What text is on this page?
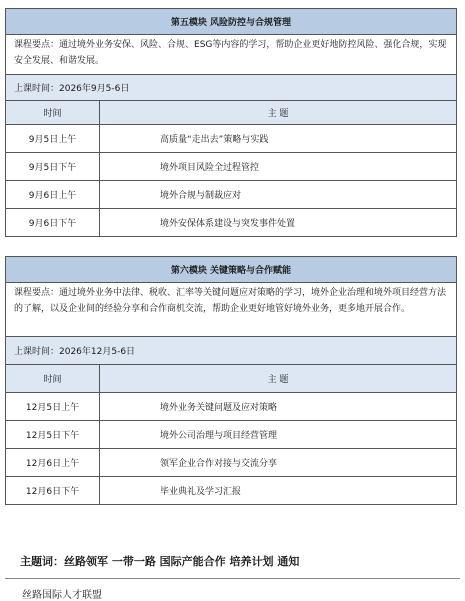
第五模块 风险防控与合规管理	
课程要点：通过境外业务安保、风险、合规、ESG等内容的学习，帮助企业更好地防控风险、强化合规，实现安全发展、和谐发展。	
上课时间：2026年9月5-6日	
时间	主 题
9月5日上午	高质量“走出去”策略与实践
9月5日下午	境外项目风险全过程管控
9月6日上午	境外合规与制裁应对
9月6日下午	境外安保体系建设与突发事件处置
第六模块 关键策略与合作赋能	
课程要点：通过境外业务中法律、税收、汇率等关键问题应对策略的学习，境外企业治理和境外项目经营方法的了解，以及企业间的经验分享和合作商机交流，帮助企业更好地管好境外业务，更多地开展合作。	
上课时间：2026年12月5-6日	
时间	主 题
12月5日上午	境外业务关键问题及应对策略
12月5日下午	境外公司治理与项目经营管理
12月6日上午	领军企业合作对接与交流分享
12月6日下午	毕业典礼及学习汇报
主题词：丝路领军 一带一路 国际产能合作 培养计划 通知
丝路国际人才联盟
